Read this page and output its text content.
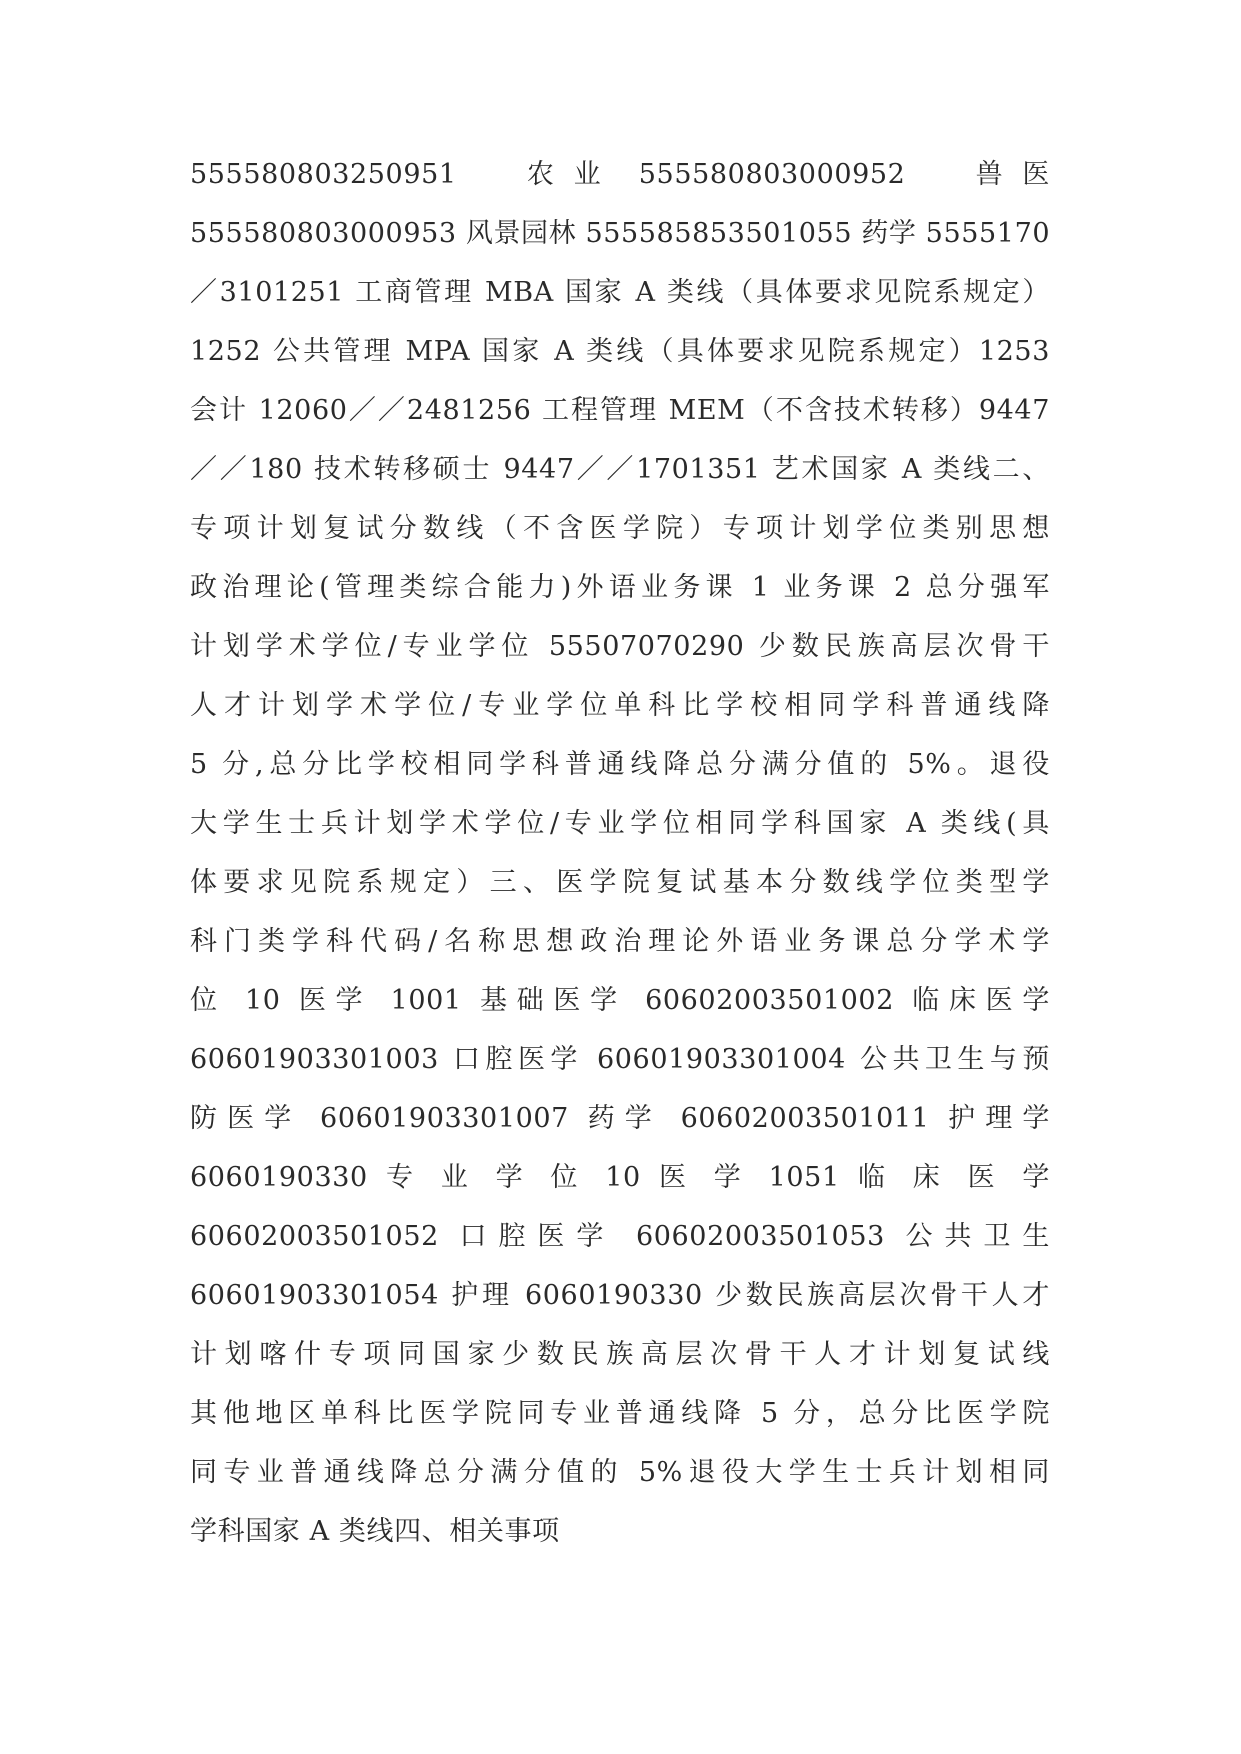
555580803250951　　农 业　555580803000952　　兽 医
555580803000953 风景园林 555585853501055 药学 5555170
／3101251 工商管理 MBA 国家 A 类线（具体要求见院系规定）
1252 公共管理 MPA 国家 A 类线（具体要求见院系规定）1253
会计 12060／／2481256 工程管理 MEM（不含技术转移）9447
／／180 技术转移硕士 9447／／1701351 艺术国家 A 类线二、
专项计划复试分数线（不含医学院）专项计划学位类别思想
政治理论(管理类综合能力)外语业务课 1 业务课 2 总分强军
计划学术学位/专业学位 55507070290 少数民族高层次骨干
人才计划学术学位/专业学位单科比学校相同学科普通线降
5 分,总分比学校相同学科普通线降总分满分值的 5%。退役
大学生士兵计划学术学位/专业学位相同学科国家 A 类线(具
体要求见院系规定）三、医学院复试基本分数线学位类型学
科门类学科代码/名称思想政治理论外语业务课总分学术学
位 10 医学 1001 基础医学 60602003501002 临床医学
60601903301003 口腔医学 60601903301004 公共卫生与预
防医学 60601903301007 药学 60602003501011 护理学
6060190330 专 业 学 位 10 医 学 1051 临 床 医 学
60602003501052 口腔医学 60602003501053 公共卫生
60601903301054 护理 6060190330 少数民族高层次骨干人才
计划喀什专项同国家少数民族高层次骨干人才计划复试线
其他地区单科比医学院同专业普通线降 5 分，总分比医学院
同专业普通线降总分满分值的 5%退役大学生士兵计划相同
学科国家 A 类线四、相关事项
